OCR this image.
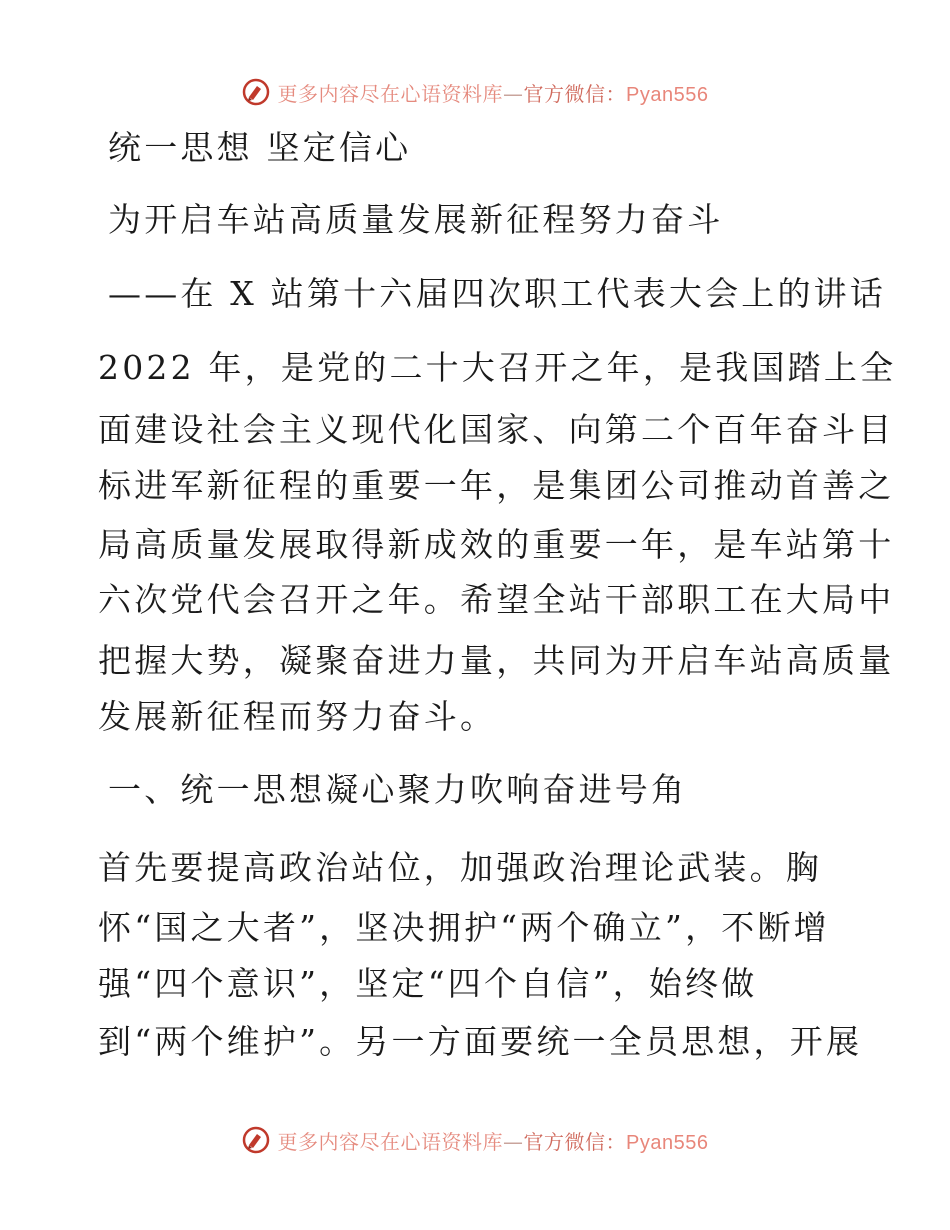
更多内容尽在心语资料库—官方微信：Pyan556
统一思想 坚定信心
为开启车站高质量发展新征程努力奋斗
——在 X 站第十六届四次职工代表大会上的讲话
2022 年，是党的二十大召开之年，是我国踏上全
面建设社会主义现代化国家、向第二个百年奋斗目
标进军新征程的重要一年，是集团公司推动首善之
局高质量发展取得新成效的重要一年，是车站第十
六次党代会召开之年。希望全站干部职工在大局中
把握大势，凝聚奋进力量，共同为开启车站高质量
发展新征程而努力奋斗。
一、统一思想凝心聚力吹响奋进号角
首先要提高政治站位，加强政治理论武装。胸
怀“国之大者”，坚决拥护“两个确立”，不断增
强“四个意识”，坚定“四个自信”，始终做
到“两个维护”。另一方面要统一全员思想，开展
更多内容尽在心语资料库—官方微信：Pyan556
